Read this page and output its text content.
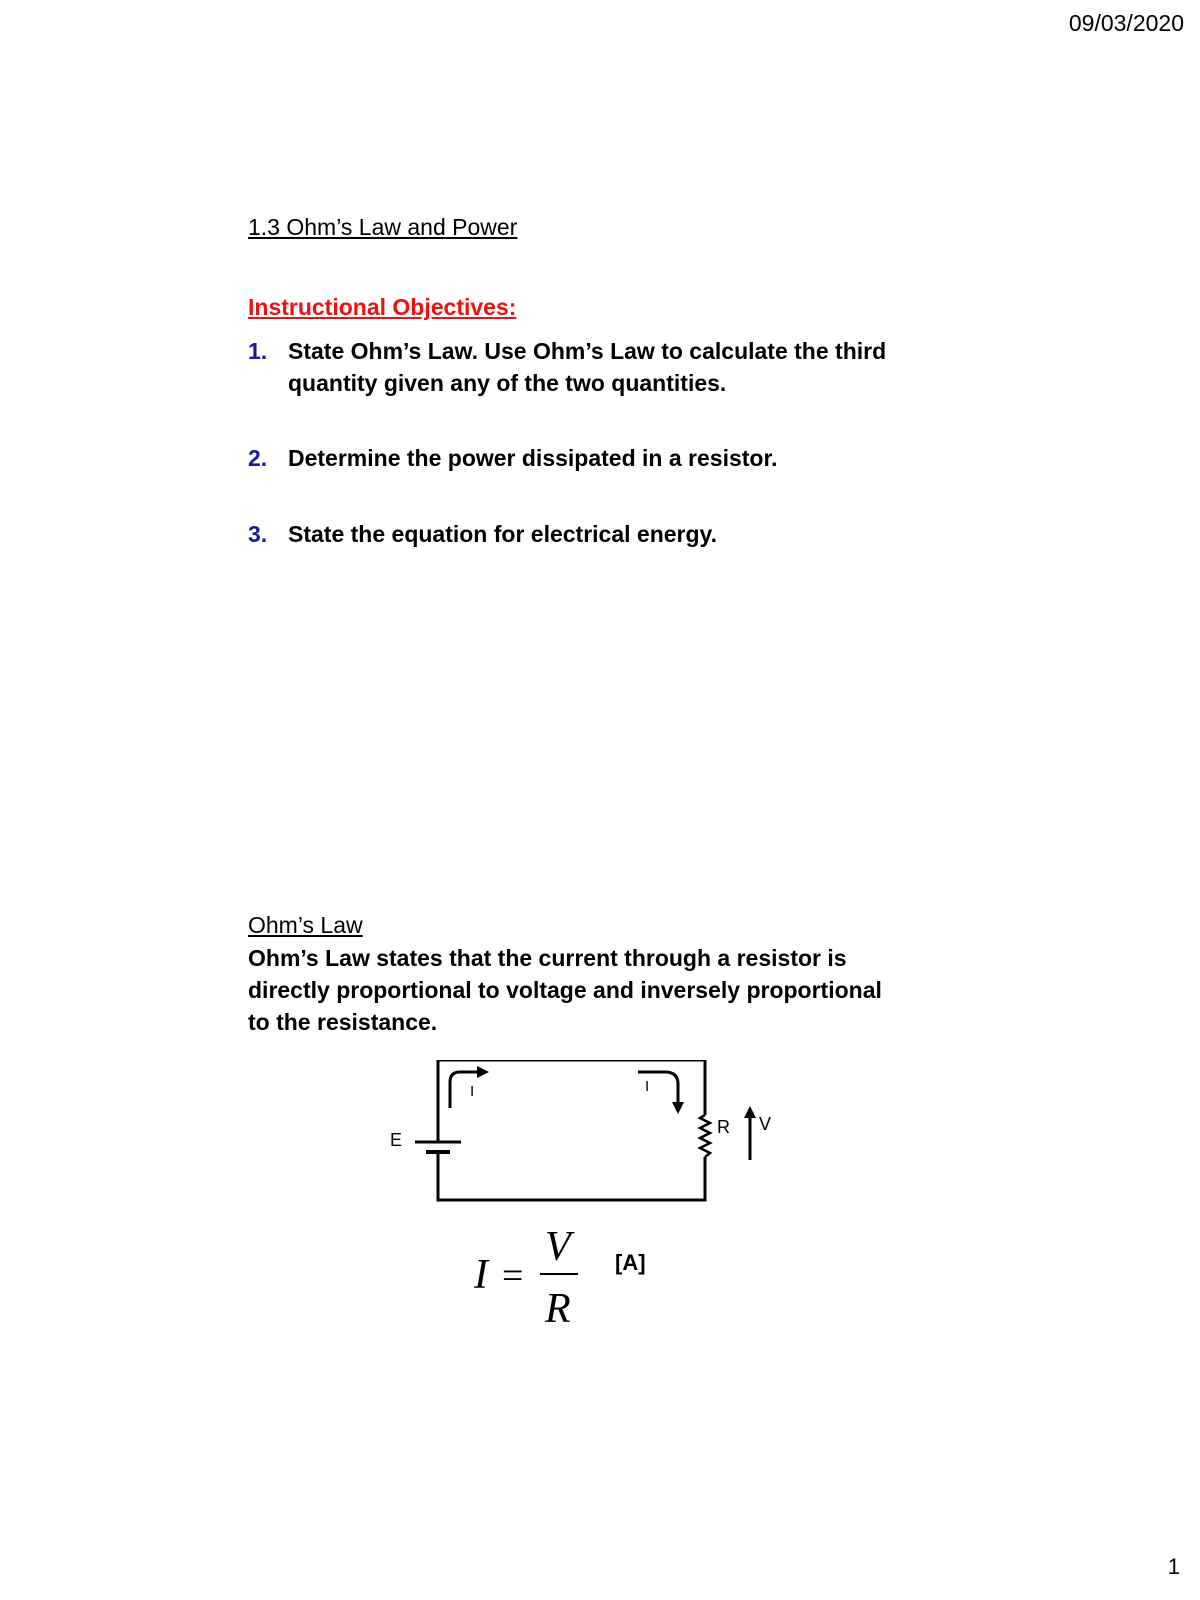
09/03/2020
1.3 Ohm’s Law and Power
Instructional Objectives:
1. State Ohm’s Law. Use Ohm’s Law to calculate the third quantity given any of the two quantities.
2. Determine the power dissipated in a resistor.
3. State the equation for electrical energy.
Ohm’s Law
Ohm’s Law states that the current through a resistor is directly proportional to voltage and inversely proportional to the resistance.
E
I	I
R V
I =
V
R
[A]
1
